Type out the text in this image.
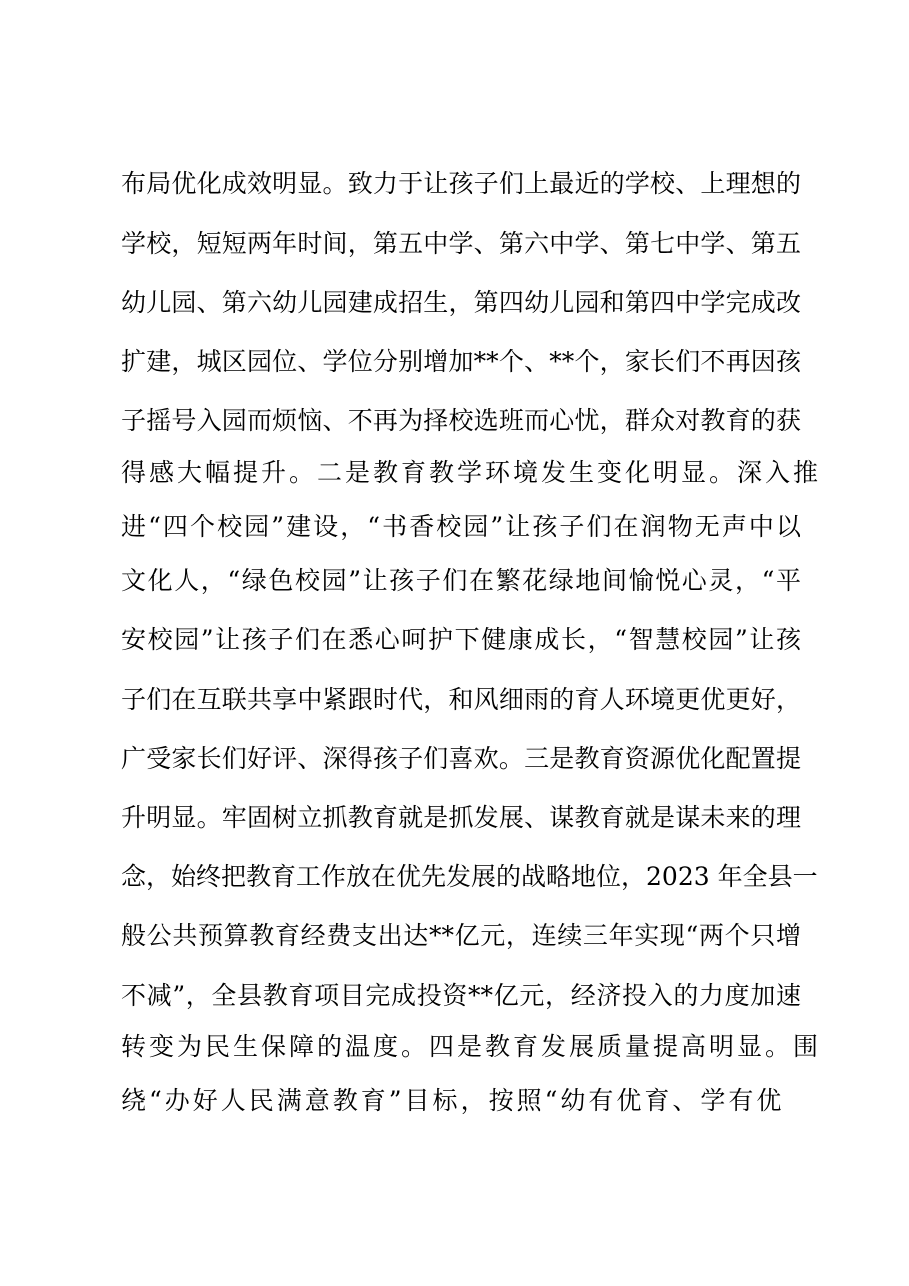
布局优化成效明显。致力于让孩子们上最近的学校、上理想的
学校，短短两年时间，第五中学、第六中学、第七中学、第五
幼儿园、第六幼儿园建成招生，第四幼儿园和第四中学完成改
扩建，城区园位、学位分别增加**个、**个，家长们不再因孩
子摇号入园而烦恼、不再为择校选班而心忧，群众对教育的获
得感大幅提升。二是教育教学环境发生变化明显。深入推
进“四个校园”建设，“书香校园”让孩子们在润物无声中以
文化人，“绿色校园”让孩子们在繁花绿地间愉悦心灵，“平
安校园”让孩子们在悉心呵护下健康成长，“智慧校园”让孩
子们在互联共享中紧跟时代，和风细雨的育人环境更优更好，
广受家长们好评、深得孩子们喜欢。三是教育资源优化配置提
升明显。牢固树立抓教育就是抓发展、谋教育就是谋未来的理
念，始终把教育工作放在优先发展的战略地位，2023 年全县一
般公共预算教育经费支出达**亿元，连续三年实现“两个只增
不减”，全县教育项目完成投资**亿元，经济投入的力度加速
转变为民生保障的温度。四是教育发展质量提高明显。围
绕“办好人民满意教育”目标，按照“幼有优育、学有优
